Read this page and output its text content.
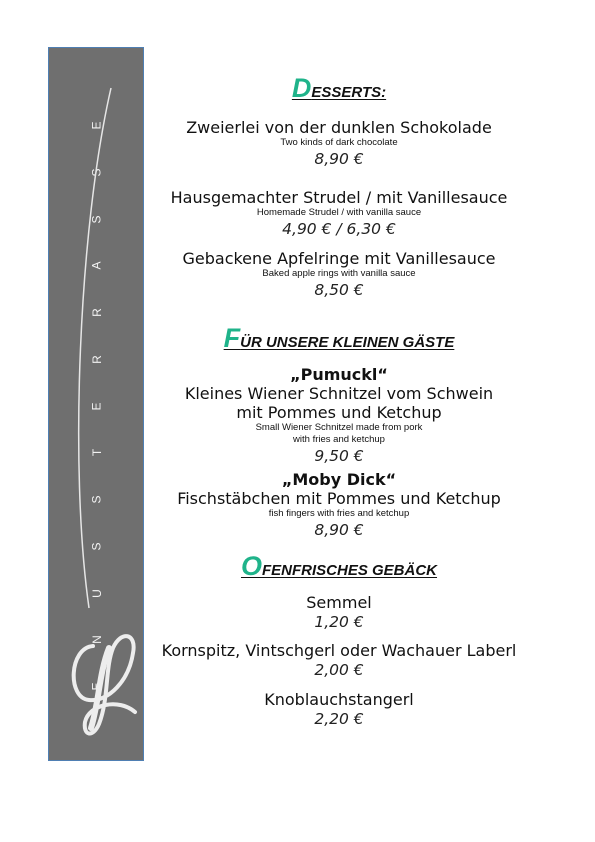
E
S
S
A
R
R
E
T
S
S
U
N
E
DESSERTS:
Zweierlei von der dunklen Schokolade
Two kinds of dark chocolate
8,90 €
Hausgemachter Strudel / mit Vanillesauce
Homemade Strudel / with vanilla sauce
4,90 € / 6,30 €
Gebackene Apfelringe mit Vanillesauce
Baked apple rings with vanilla sauce
8,50 €
FÜR UNSERE KLEINEN GÄSTE
„Pumuckl“
Kleines Wiener Schnitzel vom Schwein
mit Pommes und Ketchup
Small Wiener Schnitzel made from pork
with fries and ketchup
9,50 €
„Moby Dick“
Fischstäbchen mit Pommes und Ketchup
fish fingers with fries and ketchup
8,90 €
OFENFRISCHES GEBÄCK
Semmel
1,20 €
Kornspitz, Vintschgerl oder Wachauer Laberl
2,00 €
Knoblauchstangerl
2,20 €
